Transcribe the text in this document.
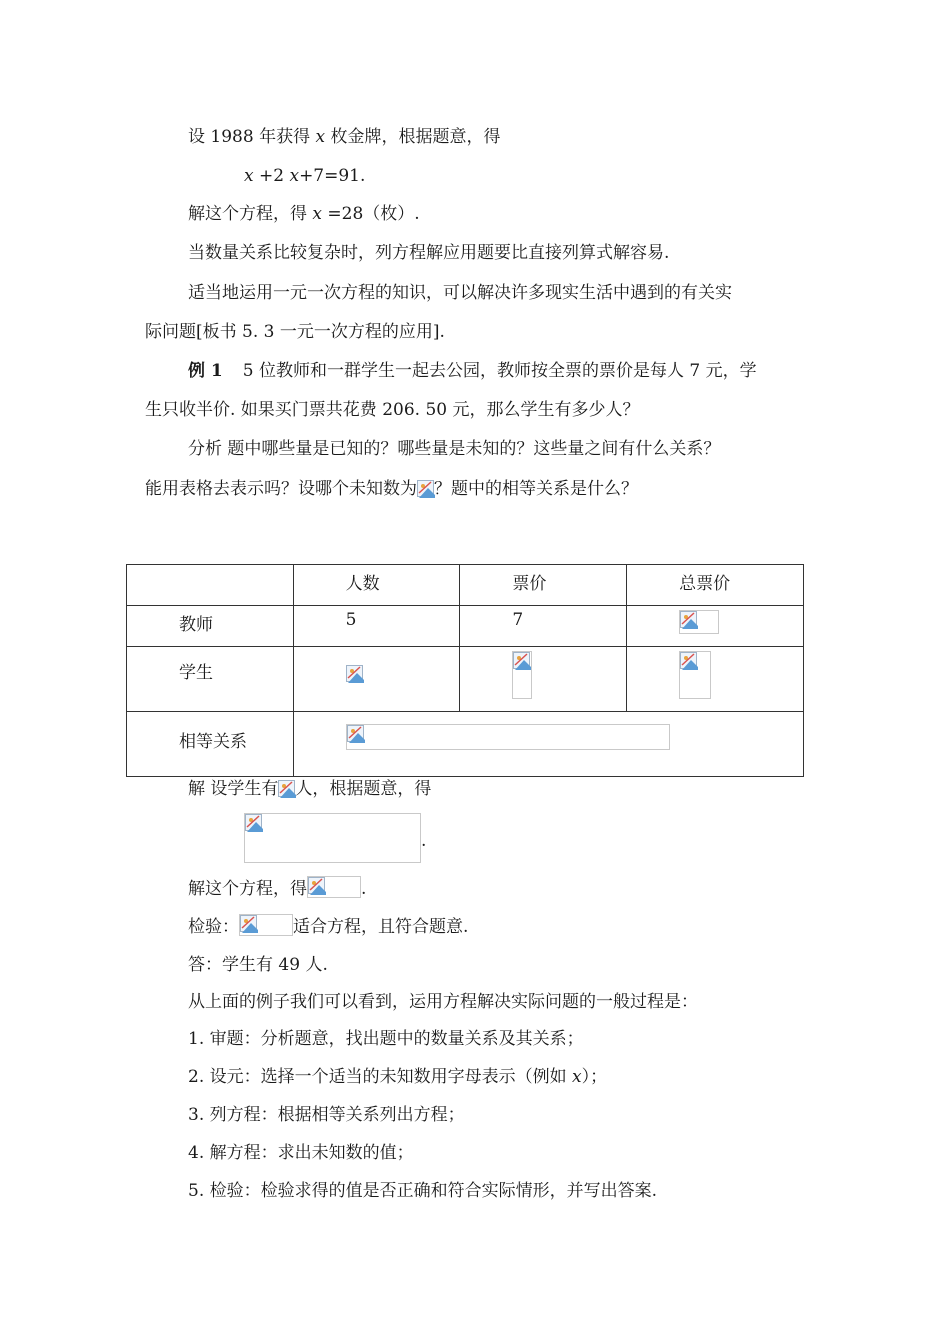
设 1988 年获得 x 枚金牌，根据题意，得
x +2 x+7=91.
解这个方程，得 x =28（枚）.
当数量关系比较复杂时，列方程解应用题要比直接列算式解容易.
适当地运用一元一次方程的知识，可以解决许多现实生活中遇到的有关实
际问题[板书 5. 3 一元一次方程的应用].
例 1 5 位教师和一群学生一起去公园，教师按全票的票价是每人 7 元，学
生只收半价. 如果买门票共花费 206. 50 元，那么学生有多少人？
分析 题中哪些量是已知的？哪些量是未知的？这些量之间有什么关系？
能用表格去表示吗？设哪个未知数为 ？题中的相等关系是什么？
	人数	票价	总票价
教师	5	7	

学生	

相等关系	
解 设学生有 人，根据题意，得
.
解这个方程，得	.
检验：	适合方程，且符合题意.
答：学生有 49 人.
从上面的例子我们可以看到，运用方程解决实际问题的一般过程是：
1. 审题：分析题意，找出题中的数量关系及其关系；
2. 设元：选择一个适当的未知数用字母表示（例如 x）；
3. 列方程：根据相等关系列出方程；
4. 解方程：求出未知数的值；
5. 检验：检验求得的值是否正确和符合实际情形，并写出答案.
